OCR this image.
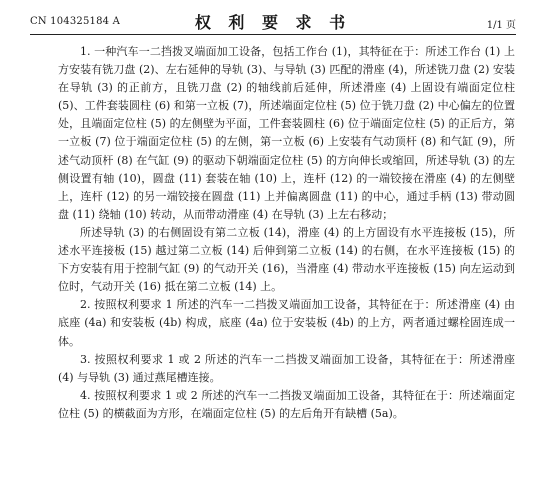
CN 104325184 A	权 利 要 求 书	1/1 页

1. 一种汽车一二挡拨叉端面加工设备，包括工作台 (1)，其特征在于：所述工作台 (1) 上方安装有铣刀盘 (2)、左右延伸的导轨 (3)、与导轨 (3) 匹配的滑座 (4)，所述铣刀盘 (2) 安装在导轨 (3) 的正前方，且铣刀盘 (2) 的轴线前后延伸，所述滑座 (4) 上固设有端面定位柱 (5)、工件套装圆柱 (6) 和第一立板 (7)，所述端面定位柱 (5) 位于铣刀盘 (2) 中心偏左的位置处，且端面定位柱 (5) 的左侧壁为平面，工件套装圆柱 (6) 位于端面定位柱 (5) 的正后方，第一立板 (7) 位于端面定位柱 (5) 的左侧，第一立板 (6) 上安装有气动顶杆 (8) 和气缸 (9)，所述气动顶杆 (8) 在气缸 (9) 的驱动下朝端面定位柱 (5) 的方向伸长或缩回，所述导轨 (3) 的左侧设置有轴 (10)，圆盘 (11) 套装在轴 (10) 上，连杆 (12) 的一端铰接在滑座 (4) 的左侧壁上，连杆 (12) 的另一端铰接在圆盘 (11) 上并偏离圆盘 (11) 的中心，通过手柄 (13) 带动圆盘 (11) 绕轴 (10) 转动，从而带动滑座 (4) 在导轨 (3) 上左右移动；

所述导轨 (3) 的右侧固设有第二立板 (14)，滑座 (4) 的上方固设有水平连接板 (15)，所述水平连接板 (15) 越过第二立板 (14) 后伸到第二立板 (14) 的右侧，在水平连接板 (15) 的下方安装有用于控制气缸 (9) 的气动开关 (16)，当滑座 (4) 带动水平连接板 (15) 向左运动到位时，气动开关 (16) 抵在第二立板 (14) 上。

2. 按照权利要求 1 所述的汽车一二挡拨叉端面加工设备，其特征在于：所述滑座 (4) 由底座 (4a) 和安装板 (4b) 构成，底座 (4a) 位于安装板 (4b) 的上方，两者通过螺栓固连成一体。

3. 按照权利要求 1 或 2 所述的汽车一二挡拨叉端面加工设备，其特征在于：所述滑座 (4) 与导轨 (3) 通过燕尾槽连接。

4. 按照权利要求 1 或 2 所述的汽车一二挡拨叉端面加工设备，其特征在于：所述端面定位柱 (5) 的横截面为方形，在端面定位柱 (5) 的左后角开有缺槽 (5a)。
